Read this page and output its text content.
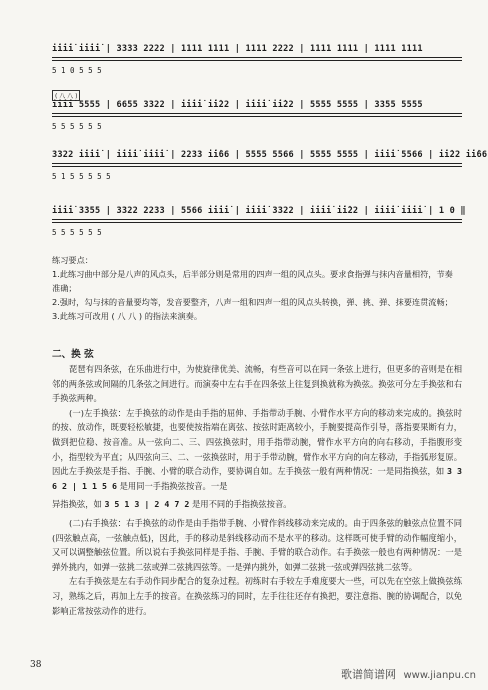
i̇i̇i̇i̇ i̇i̇i̇i̇ | 3333 2222 | 1111 1111 | 1111 2222 | 1111 1111 | 1111 1111
5 1 0 5 5 5
( 八 八 )
i̇i̇i̇i̇ 5555 | 6655 3322 | i̇i̇i̇i̇ i̇i̇22 | i̇i̇i̇i̇ i̇i̇22 | 5555 5555 | 3355 5555
5 5 5 5 5 5
3322 i̇i̇i̇i̇ | i̇i̇i̇i̇ i̇i̇i̇i̇ | 2233 i̇i̇66 | 5555 5566 | 5555 5555 | i̇i̇i̇i̇ 5566 | i̇i̇22 i̇i̇66
5 1 5 5 5 5 5
i̇i̇i̇i̇ 3355 | 3322 2233 | 5566 i̇i̇i̇i̇ | i̇i̇i̇i̇ 3322 | i̇i̇i̇i̇ i̇i̇22 | i̇i̇i̇i̇ i̇i̇i̇i̇ | 1 0 ‖
5 5 5 5 5 5
练习要点：
1.此练习曲中部分是八声的风点头，后半部分则是常用的四声一组的风点头。要求食指弹与抹内音量相符，节奏准确；
2.强时，勾与抹的音量要均等，发音要整齐，八声一组和四声一组的风点头转换，弹、挑、弹、抹要连贯流畅；
3.此练习可改用 ( 八 八 ) 的指法来演奏。
二、换 弦

琵琶有四条弦，在乐曲进行中，为使旋律优美、流畅，有些音可以在同一条弦上进行，但更多的音则是在相邻的两条弦或间隔的几条弦之间进行。而演奏中左右手在四条弦上往复到换就称为换弦。换弦可分左手换弦和右手换弦两种。

(一)左手换弦：左手换弦的动作是由手指的屈伸、手指带动手腕、小臂作水平方向的移动来完成的。换弦时的按、放动作，既要轻松敏捷，也要使按指端在离弦、按弦时距离较小，手腕要提高作引导，落指要果断有力，做到把位稳、按音准。从一弦向二、三、四弦换弦时，用手指带动腕，臂作水平方向的向右移动，手指腹形变小，指型较为平直；从四弦向三、二、一弦换弦时，用于手带动腕，臂作水平方向的向左移动，手指弧形复原。因此左手换弦是手指、手腕、小臂的联合动作，要协调自如。左手换弦一般有两种情况：一是同指换弦，如 3 3 6 2 | 1 1 5 6 是用同一手指换弦按音。一是

异指换弦，如 3 5 1 3 | 2 4 7 2 是用不同的手指换弦按音。

(二)右手换弦：右手换弦的动作是由手指带手腕、小臂作斜线移动来完成的。由于四条弦的触弦点位置不同(四弦触点高，一弦触点低)，因此，手的移动是斜线移动而不是水平的移动。这样既可使手臂的动作幅度缩小，又可以调整触弦位置。所以说右手换弦同样是手指、手腕、手臂的联合动作。右手换弦一般也有两种情况：一是弹外挑内，如弹一弦挑二弦或弹二弦挑四弦等。一是弹内挑外，如弹二弦挑一弦或弹四弦挑二弦等。

左右手换弦是左右手动作同步配合的复杂过程。初练时右手较左手难度要大一些，可以先在空弦上做换弦练习，熟练之后，再加上左手的按音。在换弦练习的同时，左手往往还存有换把，要注意指、腕的协调配合，以免影响正常按弦动作的进行。

38
歌谱简谱网 www.jianpu.cn
